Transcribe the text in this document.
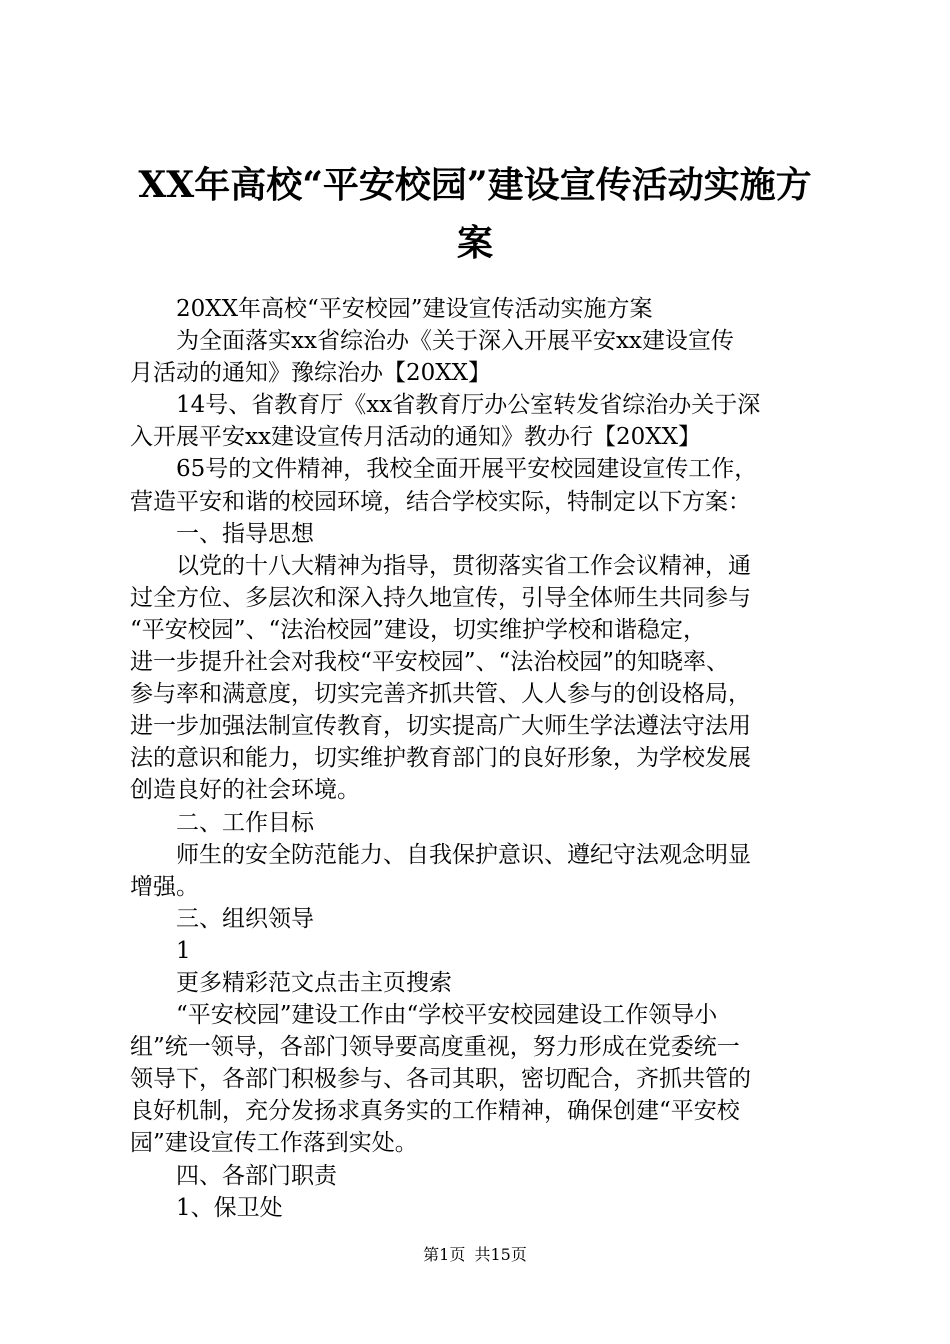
XX年高校“平安校园”建设宣传活动实施方
案
20XX年高校“平安校园”建设宣传活动实施方案
为全面落实xx省综治办《关于深入开展平安xx建设宣传
月活动的通知》豫综治办【20XX】
14号、省教育厅《xx省教育厅办公室转发省综治办关于深
入开展平安xx建设宣传月活动的通知》教办行【20XX】
65号的文件精神，我校全面开展平安校园建设宣传工作，
营造平安和谐的校园环境，结合学校实际，特制定以下方案：
一、指导思想
以党的十八大精神为指导，贯彻落实省工作会议精神，通
过全方位、多层次和深入持久地宣传，引导全体师生共同参与
“平安校园”、“法治校园”建设，切实维护学校和谐稳定，
进一步提升社会对我校“平安校园”、“法治校园”的知晓率、
参与率和满意度，切实完善齐抓共管、人人参与的创设格局，
进一步加强法制宣传教育，切实提高广大师生学法遵法守法用
法的意识和能力，切实维护教育部门的良好形象，为学校发展
创造良好的社会环境。
二、工作目标
师生的安全防范能力、自我保护意识、遵纪守法观念明显
增强。
三、组织领导
1
更多精彩范文点击主页搜索
“平安校园”建设工作由“学校平安校园建设工作领导小
组”统一领导，各部门领导要高度重视，努力形成在党委统一
领导下，各部门积极参与、各司其职，密切配合，齐抓共管的
良好机制，充分发扬求真务实的工作精神，确保创建“平安校
园”建设宣传工作落到实处。
四、各部门职责
1、保卫处
第1页 共15页
